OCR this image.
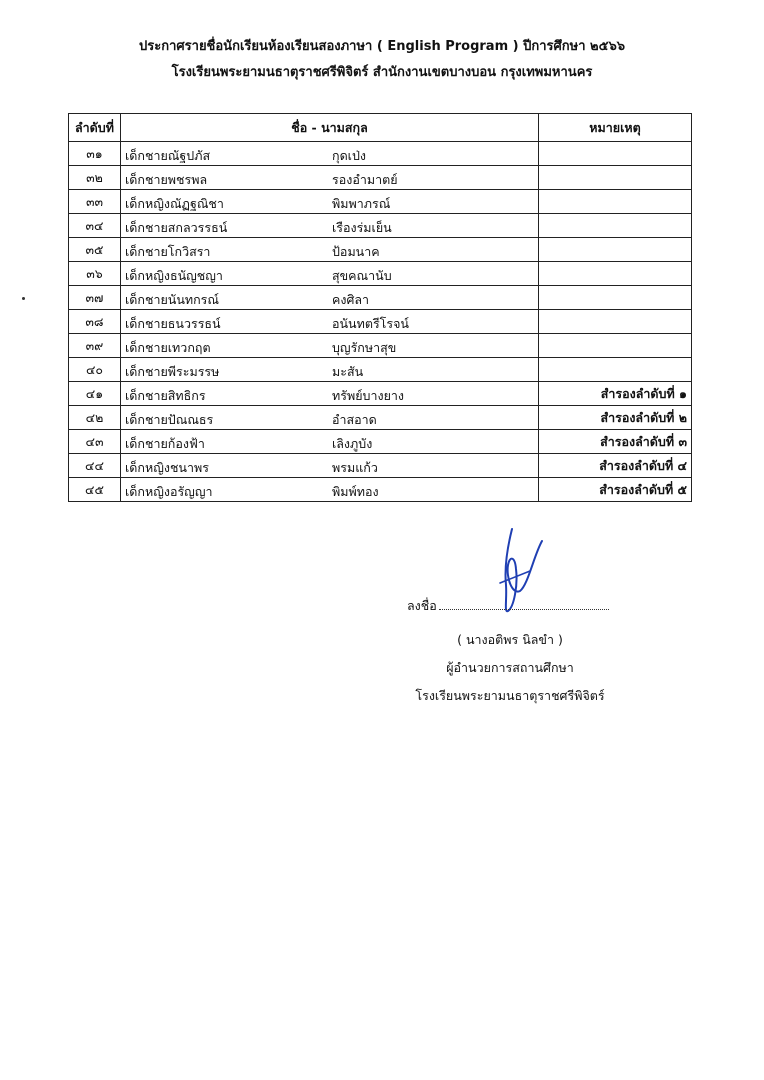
ประกาศรายชื่อนักเรียนห้องเรียนสองภาษา ( English Program ) ปีการศึกษา ๒๕๖๖
โรงเรียนพระยามนธาตุราชศรีพิจิตร์ สำนักงานเขตบางบอน กรุงเทพมหานคร
ลำดับที่	ชื่อ - นามสกุล	หมายเหตุ
๓๑	เด็กชายณัฐปภัส กุดเป่ง	

๓๒	เด็กชายพชรพล รองอำมาตย์	

๓๓	เด็กหญิงณัฏฐณิชา พิมพาภรณ์	

๓๔	เด็กชายสกลวรรธน์ เรืองร่มเย็น	

๓๕	เด็กชายโกวิสรา ป้อมนาค	

๓๖	เด็กหญิงธนัญชญา สุขคณานับ	

๓๗	เด็กชายนันทกรณ์ คงศิลา	

๓๘	เด็กชายธนวรรธน์ อนันทตรีโรจน์	

๓๙	เด็กชายเทวกฤต บุญรักษาสุข	

๔๐	เด็กชายพีระมรรษ มะสัน	

๔๑	เด็กชายสิทธิกร ทรัพย์บางยาง	สำรองลำดับที่ ๑
๔๒	เด็กชายปัณณธร อำสอาด	สำรองลำดับที่ ๒
๔๓	เด็กชายก้องฟ้า เลิงภูบัง	สำรองลำดับที่ ๓
๔๔	เด็กหญิงชนาพร พรมแก้ว	สำรองลำดับที่ ๔
๔๕	เด็กหญิงอรัญญา พิมพ์ทอง	สำรองลำดับที่ ๕
ลงชื่อ
( นางอติพร นิลขำ )
ผู้อำนวยการสถานศึกษา
โรงเรียนพระยามนธาตุราชศรีพิจิตร์
